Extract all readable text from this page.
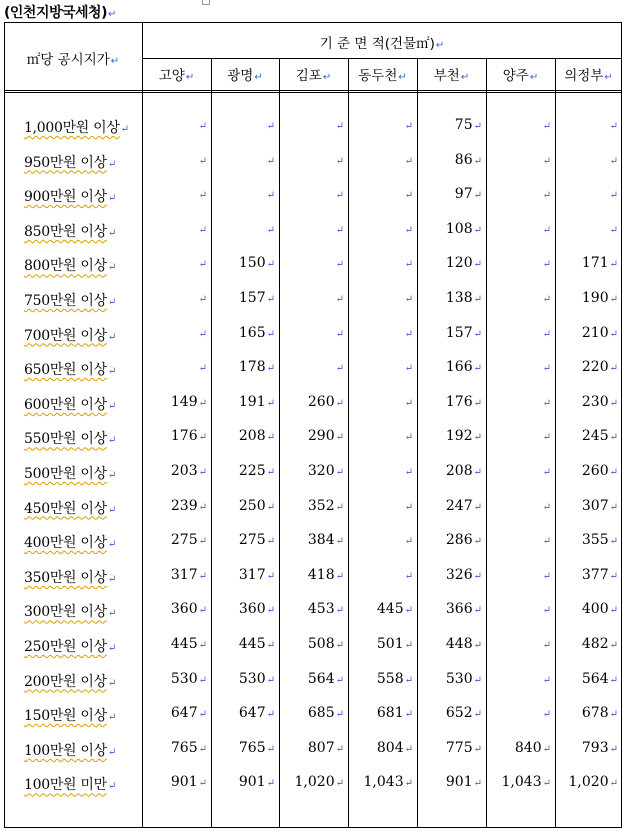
(인천지방국세청)↵
기 준 면 적(건물㎡)↵
㎡당 공시지가↵
고양↵	광명↵	김포↵	동두천↵	부천↵	양주↵	의정부↵
1,000만원 이상↵	↵	↵	↵	↵	75↵	↵	↵
950만원 이상↵	↵	↵	↵	↵	86↵	↵	↵
900만원 이상↵	↵	↵	↵	↵	97↵	↵	↵
850만원 이상↵	↵	↵	↵	↵	108↵	↵	↵
800만원 이상↵	↵	150↵	↵	↵	120↵	↵	171↵
750만원 이상↵	↵	157↵	↵	↵	138↵	↵	190↵
700만원 이상↵	↵	165↵	↵	↵	157↵	↵	210↵
650만원 이상↵	↵	178↵	↵	↵	166↵	↵	220↵
600만원 이상↵	149↵	191↵	260↵	↵	176↵	↵	230↵
550만원 이상↵	176↵	208↵	290↵	↵	192↵	↵	245↵
500만원 이상↵	203↵	225↵	320↵	↵	208↵	↵	260↵
450만원 이상↵	239↵	250↵	352↵	↵	247↵	↵	307↵
400만원 이상↵	275↵	275↵	384↵	↵	286↵	↵	355↵
350만원 이상↵	317↵	317↵	418↵	↵	326↵	↵	377↵
300만원 이상↵	360↵	360↵	453↵	445↵	366↵	↵	400↵
250만원 이상↵	445↵	445↵	508↵	501↵	448↵	↵	482↵
200만원 이상↵	530↵	530↵	564↵	558↵	530↵	↵	564↵
150만원 이상↵	647↵	647↵	685↵	681↵	652↵	↵	678↵
100만원 이상↵	765↵	765↵	807↵	804↵	775↵	840↵	793↵
100만원 미만↵	901↵	901↵	1,020↵	1,043↵	901↵	1,043↵	1,020↵
